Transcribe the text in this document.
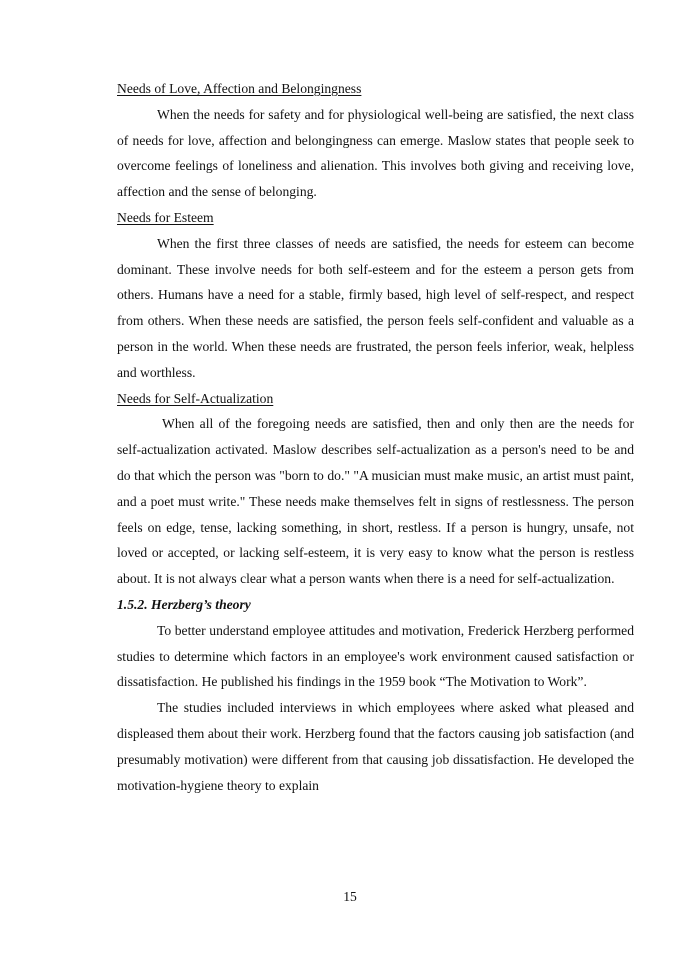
Needs of Love, Affection and Belongingness

When the needs for safety and for physiological well-being are satisfied, the next class of needs for love, affection and belongingness can emerge. Maslow states that people seek to overcome feelings of loneliness and alienation. This involves both giving and receiving love, affection and the sense of belonging.

Needs for Esteem

When the first three classes of needs are satisfied, the needs for esteem can become dominant. These involve needs for both self-esteem and for the esteem a person gets from others. Humans have a need for a stable, firmly based, high level of self-respect, and respect from others. When these needs are satisfied, the person feels self-confident and valuable as a person in the world. When these needs are frustrated, the person feels inferior, weak, helpless and worthless.

Needs for Self-Actualization

When all of the foregoing needs are satisfied, then and only then are the needs for self-actualization activated. Maslow describes self-actualization as a person's need to be and do that which the person was "born to do." "A musician must make music, an artist must paint, and a poet must write." These needs make themselves felt in signs of restlessness. The person feels on edge, tense, lacking something, in short, restless. If a person is hungry, unsafe, not loved or accepted, or lacking self-esteem, it is very easy to know what the person is restless about. It is not always clear what a person wants when there is a need for self-actualization.

1.5.2. Herzberg’s theory

To better understand employee attitudes and motivation, Frederick Herzberg performed studies to determine which factors in an employee's work environment caused satisfaction or dissatisfaction. He published his findings in the 1959 book “The Motivation to Work”.

The studies included interviews in which employees where asked what pleased and displeased them about their work. Herzberg found that the factors causing job satisfaction (and presumably motivation) were different from that causing job dissatisfaction. He developed the motivation-hygiene theory to explain

15
